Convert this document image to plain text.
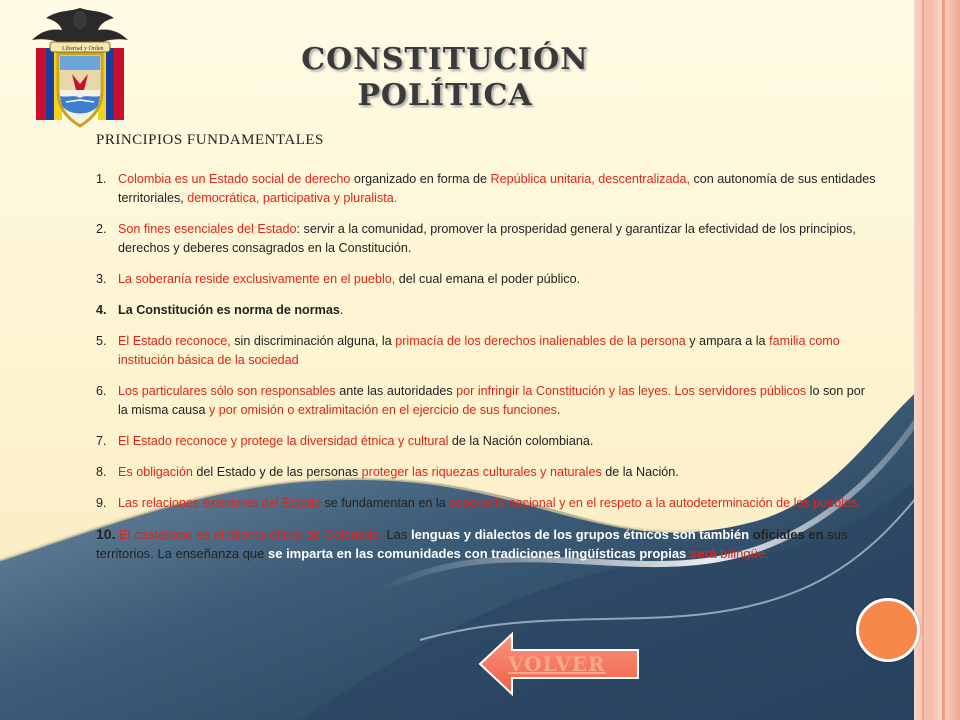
Libertad y Orden	CONSTITUCIÓN
POLÍTICA
PRINCIPIOS FUNDAMENTALES
1. Colombia es un Estado social de derecho organizado en forma de República unitaria, descentralizada, con autonomía de sus entidades territoriales, democrática, participativa y pluralista.
2. Son fines esenciales del Estado: servir a la comunidad, promover la prosperidad general y garantizar la efectividad de los principios, derechos y deberes consagrados en la Constitución.
3. La soberanía reside exclusivamente en el pueblo, del cual emana el poder público.
4. La Constitución es norma de normas.
5. El Estado reconoce, sin discriminación alguna, la primacía de los derechos inalienables de la persona y ampara a la familia como institución básica de la sociedad
6. Los particulares sólo son responsables ante las autoridades por infringir la Constitución y las leyes. Los servidores públicos lo son por la misma causa y por omisión o extralimitación en el ejercicio de sus funciones.
7. El Estado reconoce y protege la diversidad étnica y cultural de la Nación colombiana.
8. Es obligación del Estado y de las personas proteger las riquezas culturales y naturales de la Nación.
9. Las relaciones exteriores del Estado se fundamentan en la soberanía nacional y en el respeto a la autodeterminación de los pueblos.
10. El castellano es el idioma oficial de Colombia. Las lenguas y dialectos de los grupos étnicos son también oficiales en sus territorios. La enseñanza que se imparta en las comunidades con tradiciones lingüísticas propias será bilingüe.
VOLVER
